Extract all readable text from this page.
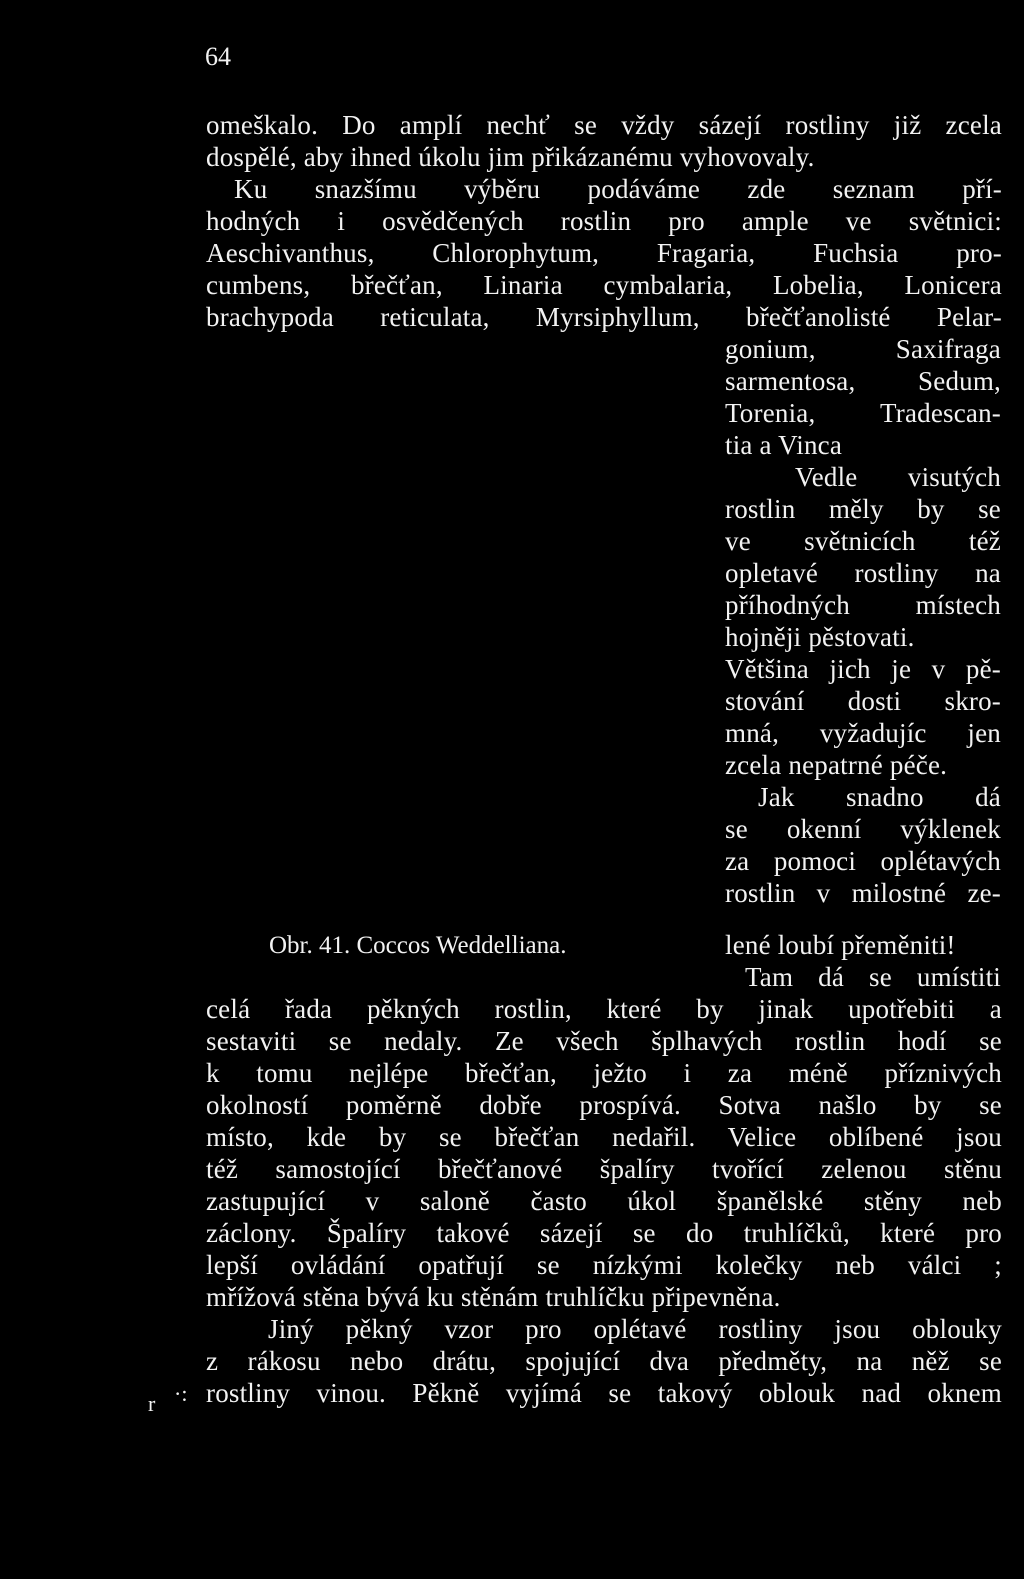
64
omeškalo. Do amplí nechť se vždy sázejí rostliny již zcela
dospělé, aby ihned úkolu jim přikázanému vyhovovaly.
Ku snazšímu výběru podáváme zde seznam pří-
hodných i osvědčených rostlin pro ample ve světnici:
Aeschivanthus, Chlorophytum, Fragaria, Fuchsia pro-
cumbens, břečťan, Linaria cymbalaria, Lobelia, Lonicera
brachypoda reticulata, Myrsiphyllum, břečťanolisté Pelar-
gonium, Saxifraga
sarmentosa, Sedum,
Torenia, Tradescan-
tia a Vinca
Vedle visutých
rostlin měly by se
ve světnicích též
opletavé rostliny na
příhodných místech
hojněji pěstovati.
Většina jich je v pě-
stování dosti skro-
mná, vyžadujíc jen
zcela nepatrné péče.
Jak snadno dá
se okenní výklenek
za pomoci oplétavých
rostlin v milostné ze-
lené loubí přeměniti!
Tam dá se umístiti
Obr. 41. Coccos Weddelliana.
celá řada pěkných rostlin, které by jinak upotřebiti a
sestaviti se nedaly. Ze všech šplhavých rostlin hodí se
k tomu nejlépe břečťan, ježto i za méně příznivých
okolností poměrně dobře prospívá. Sotva našlo by se
místo, kde by se břečťan nedařil. Velice oblíbené jsou
též samostojící břečťanové špalíry tvořící zelenou stěnu
zastupující v saloně často úkol španělské stěny neb
záclony. Špalíry takové sázejí se do truhlíčků, které pro
lepší ovládání opatřují se nízkými kolečky neb válci ;
mřížová stěna bývá ku stěnám truhlíčku připevněna.
Jiný pěkný vzor pro oplétavé rostliny jsou oblouky
z rákosu nebo drátu, spojující dva předměty, na něž se
rostliny vinou. Pěkně vyjímá se takový oblouk nad oknem
r ·:
